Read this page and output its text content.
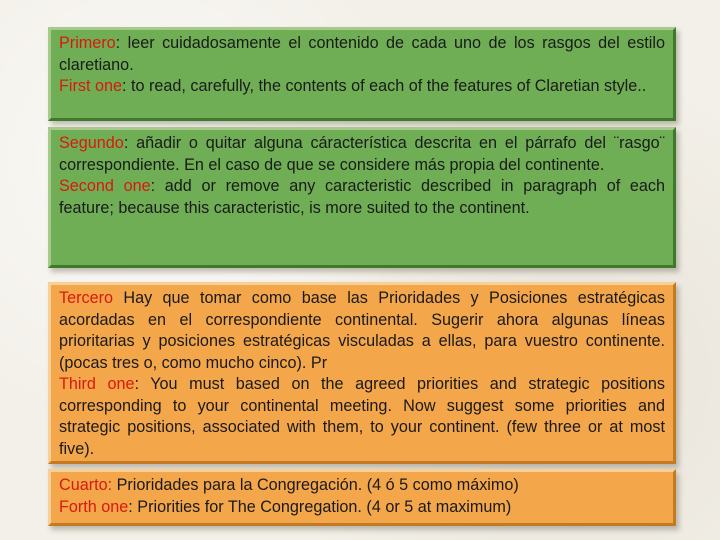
Primero: leer cuidadosamente el contenido de cada uno de los rasgos del estilo claretiano.
First one: to read, carefully, the contents of each of the features of Claretian style..
Segundo: añadir o quitar alguna cáracterística descrita en el párrafo del ¨rasgo¨ correspondiente. En el caso de que se considere más propia del continente.
Second one: add or remove any caracteristic described in paragraph of each feature; because this caracteristic, is more suited to the continent.
Tercero Hay que tomar como base las Prioridades y Posiciones estratégicas acordadas en el correspondiente continental. Sugerir ahora algunas líneas prioritarias y posiciones estratégicas visculadas a ellas, para vuestro continente. (pocas tres o, como mucho cinco). Pr
Third one: You must based on the agreed priorities and strategic positions corresponding to your continental meeting. Now suggest some priorities and strategic positions, associated with them, to your continent. (few three or at most five).
Cuarto: Prioridades para la Congregación. (4 ó 5 como máximo)
Forth one: Priorities for The Congregation. (4 or 5 at maximum)
